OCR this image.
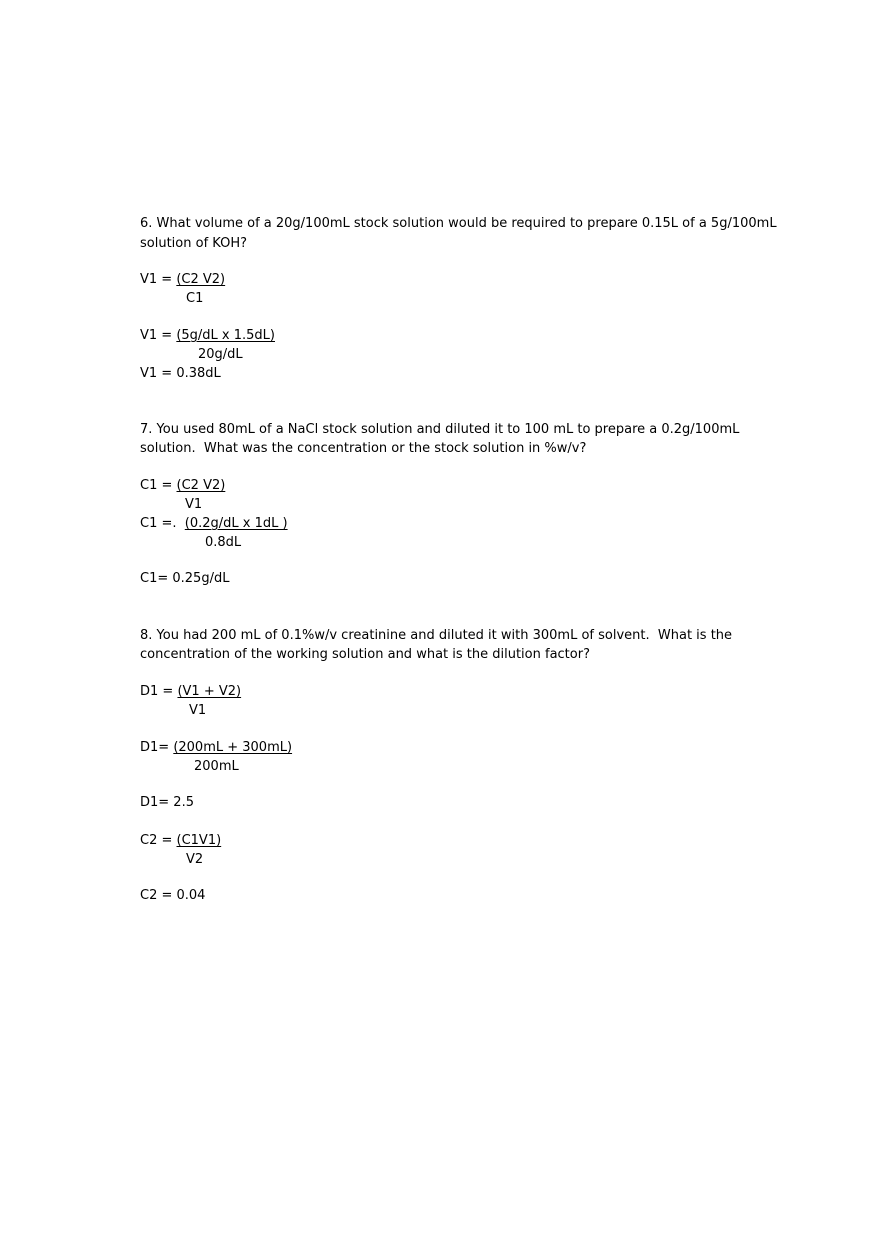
6. What volume of a 20g/100mL stock solution would be required to prepare 0.15L of a 5g/100mL
solution of KOH?
V1 = (C2 V2)
C1
V1 = (5g/dL x 1.5dL)
20g/dL
V1 = 0.38dL
7. You used 80mL of a NaCl stock solution and diluted it to 100 mL to prepare a 0.2g/100mL
solution.  What was the concentration or the stock solution in %w/v?
C1 = (C2 V2)
V1
C1 =.  (0.2g/dL x 1dL )
0.8dL
C1= 0.25g/dL
8. You had 200 mL of 0.1%w/v creatinine and diluted it with 300mL of solvent.  What is the
concentration of the working solution and what is the dilution factor?
D1 = (V1 + V2)
V1
D1= (200mL + 300mL)
200mL
D1= 2.5
C2 = (C1V1)
V2
C2 = 0.04
